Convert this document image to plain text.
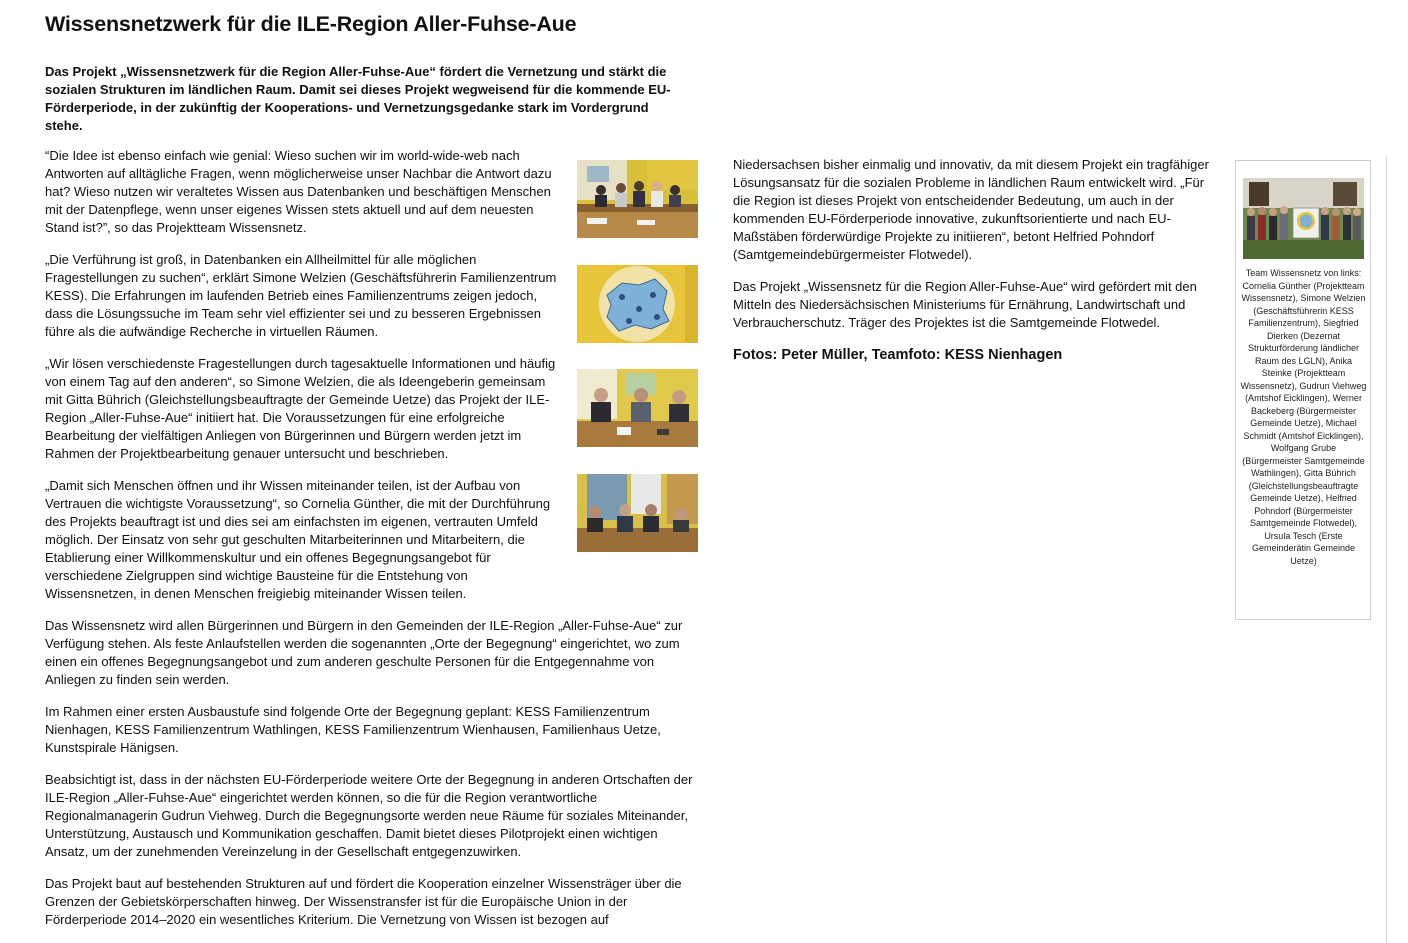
Wissensnetzwerk für die ILE-Region Aller-Fuhse-Aue

Das Projekt „Wissensnetzwerk für die Region Aller-Fuhse-Aue“ fördert die Vernetzung und stärkt die sozialen Strukturen im ländlichen Raum. Damit sei dieses Projekt wegweisend für die kommende EU-Förderperiode, in der zukünftig der Kooperations- und Vernetzungsgedanke stark im Vordergrund stehe.

“Die Idee ist ebenso einfach wie genial: Wieso suchen wir im world-wide-web nach Antworten auf alltägliche Fragen, wenn möglicherweise unser Nachbar die Antwort dazu hat? Wieso nutzen wir veraltetes Wissen aus Datenbanken und beschäftigen Menschen mit der Datenpflege, wenn unser eigenes Wissen stets aktuell und auf dem neuesten Stand ist?”, so das Projektteam Wissensnetz.

„Die Verführung ist groß, in Datenbanken ein Allheilmittel für alle möglichen Fragestellungen zu suchen“, erklärt Simone Welzien (Geschäftsführerin Familienzentrum KESS). Die Erfahrungen im laufenden Betrieb eines Familienzentrums zeigen jedoch, dass die Lösungssuche im Team sehr viel effizienter sei und zu besseren Ergebnissen führe als die aufwändige Recherche in virtuellen Räumen.

„Wir lösen verschiedenste Fragestellungen durch tagesaktuelle Informationen und häufig von einem Tag auf den anderen“, so Simone Welzien, die als Ideengeberin gemeinsam mit Gitta Bührich (Gleichstellungsbeauftragte der Gemeinde Uetze) das Projekt der ILE-Region „Aller-Fuhse-Aue“ initiiert hat. Die Voraussetzungen für eine erfolgreiche Bearbeitung der vielfältigen Anliegen von Bürgerinnen und Bürgern werden jetzt im Rahmen der Projektbearbeitung genauer untersucht und beschrieben.

„Damit sich Menschen öffnen und ihr Wissen miteinander teilen, ist der Aufbau von Vertrauen die wichtigste Voraussetzung“, so Cornelia Günther, die mit der Durchführung des Projekts beauftragt ist und dies sei am einfachsten im eigenen, vertrauten Umfeld möglich. Der Einsatz von sehr gut geschulten Mitarbeiterinnen und Mitarbeitern, die Etablierung einer Willkommenskultur und ein offenes Begegnungsangebot für verschiedene Zielgruppen sind wichtige Bausteine für die Entstehung von Wissensnetzen, in denen Menschen freigiebig miteinander Wissen teilen.

Das Wissensnetz wird allen Bürgerinnen und Bürgern in den Gemeinden der ILE-Region „Aller-Fuhse-Aue“ zur Verfügung stehen. Als feste Anlaufstellen werden die sogenannten „Orte der Begegnung“ eingerichtet, wo zum einen ein offenes Begegnungsangebot und zum anderen geschulte Personen für die Entgegennahme von Anliegen zu finden sein werden.

Im Rahmen einer ersten Ausbaustufe sind folgende Orte der Begegnung geplant: KESS Familienzentrum Nienhagen, KESS Familienzentrum Wathlingen, KESS Familienzentrum Wienhausen, Familienhaus Uetze, Kunstspirale Hänigsen.

Beabsichtigt ist, dass in der nächsten EU-Förderperiode weitere Orte der Begegnung in anderen Ortschaften der ILE-Region „Aller-Fuhse-Aue“ eingerichtet werden können, so die für die Region verantwortliche Regionalmanagerin Gudrun Viehweg. Durch die Begegnungsorte werden neue Räume für soziales Miteinander, Unterstützung, Austausch und Kommunikation geschaffen. Damit bietet dieses Pilotprojekt einen wichtigen Ansatz, um der zunehmenden Vereinzelung in der Gesellschaft entgegenzuwirken.

Das Projekt baut auf bestehenden Strukturen auf und fördert die Kooperation einzelner Wissensträger über die Grenzen der Gebietskörperschaften hinweg. Der Wissenstransfer ist für die Europäische Union in der Förderperiode 2014–2020 ein wesentliches Kriterium. Die Vernetzung von Wissen ist bezogen auf

Niedersachsen bisher einmalig und innovativ, da mit diesem Projekt ein tragfähiger Lösungsansatz für die sozialen Probleme in ländlichen Raum entwickelt wird. „Für die Region ist dieses Projekt von entscheidender Bedeutung, um auch in der kommenden EU-Förderperiode innovative, zukunftsorientierte und nach EU-Maßstäben förderwürdige Projekte zu initiieren“, betont Helfried Pohndorf (Samtgemeindebürgermeister Flotwedel).

Das Projekt „Wissensnetz für die Region Aller-Fuhse-Aue“ wird gefördert mit den Mitteln des Niedersächsischen Ministeriums für Ernährung, Landwirtschaft und Verbraucherschutz. Träger des Projektes ist die Samtgemeinde Flotwedel.

Fotos: Peter Müller, Teamfoto: KESS Nienhagen

Team Wissensnetz von links: Cornelia Günther (Projektteam Wissensnetz), Simone Welzien (Geschäftsführerin KESS Familienzentrum), Siegfried Dierken (Dezernat Strukturförderung ländlicher Raum des LGLN), Anika Steinke (Projektteam Wissensnetz), Gudrun Viehweg (Amtshof Eicklingen), Werner Backeberg (Bürgermeister Gemeinde Uetze), Michael Schmidt (Amtshof Eicklingen), Wolfgang Grube (Bürgermeister Samtgemeinde Wathlingen), Gitta Bührich (Gleichstellungsbeauftragte Gemeinde Uetze), Helfried Pohndorf (Bürgermeister Samtgemeinde Flotwedel), Ursula Tesch (Erste Gemeinderätin Gemeinde Uetze)
